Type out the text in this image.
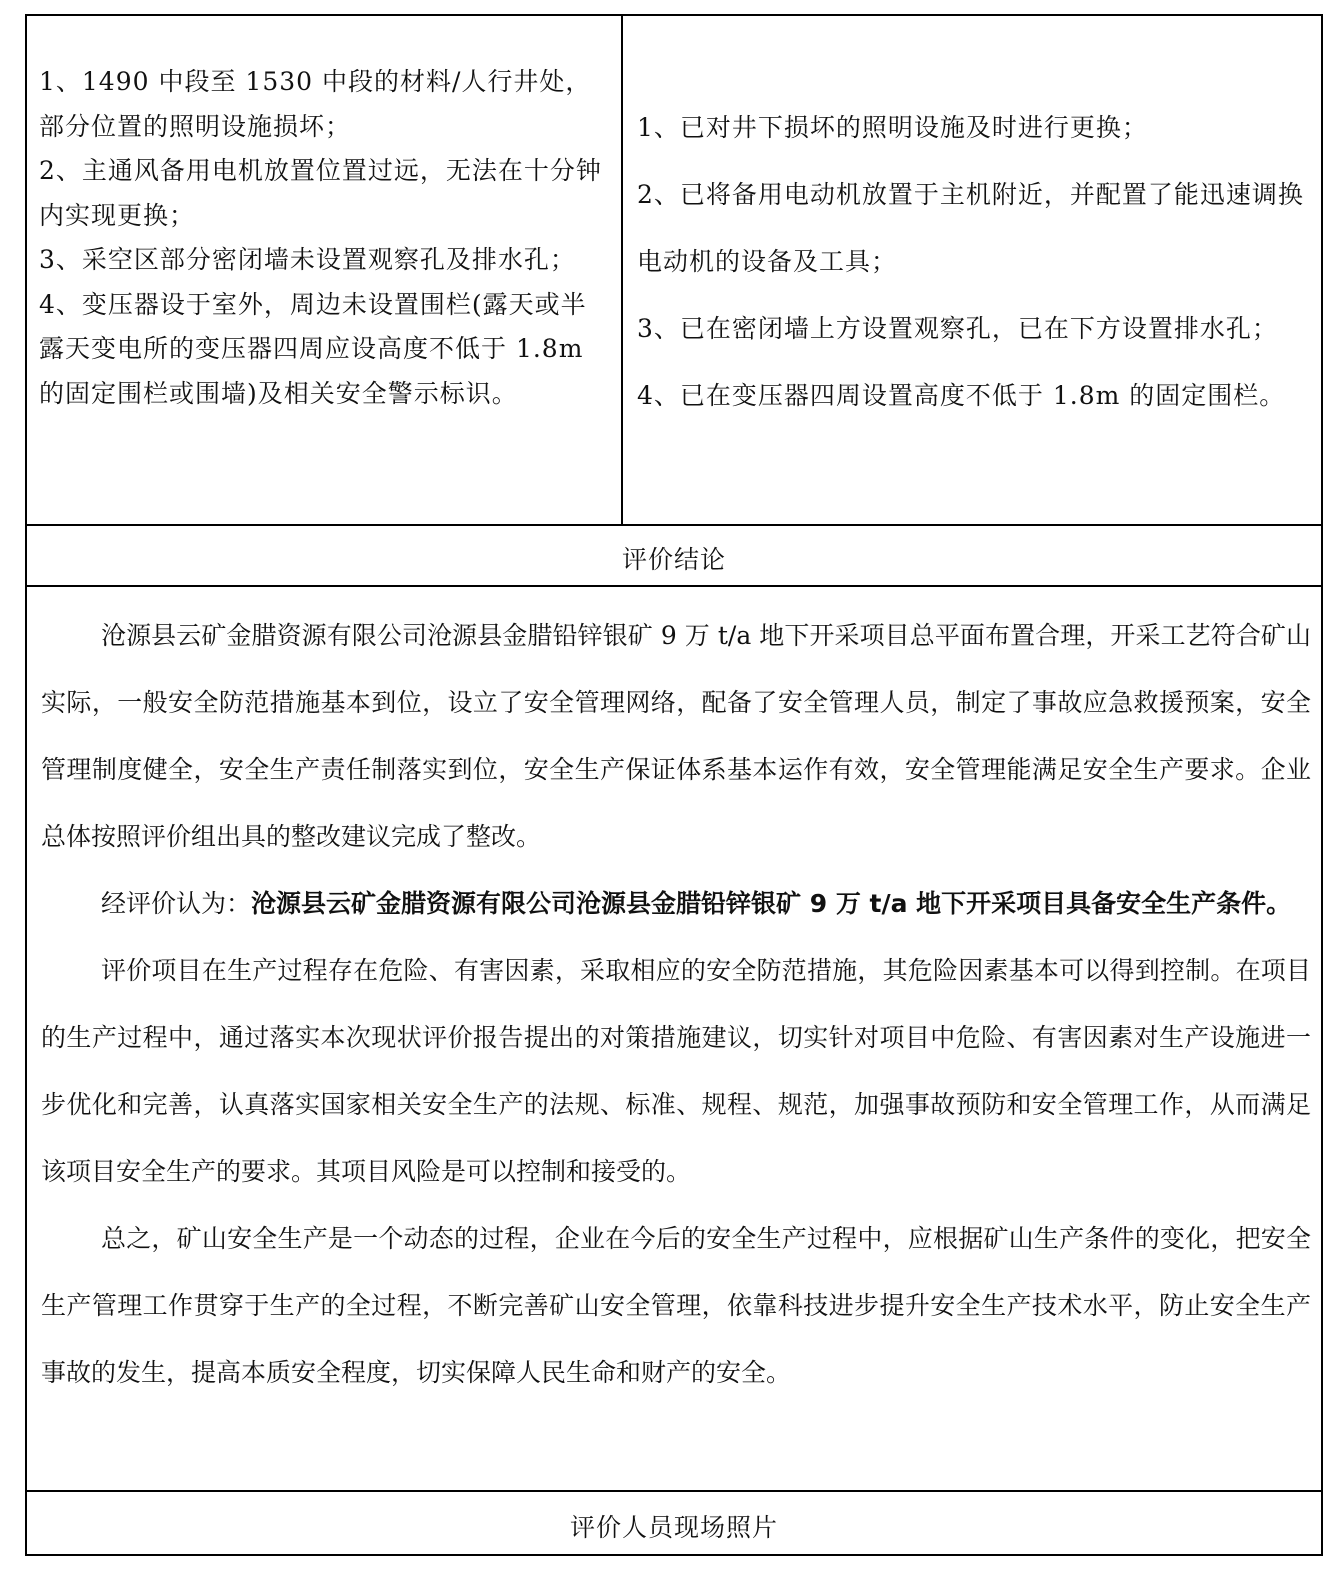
1、1490 中段至 1530 中段的材料/人行井处，部分位置的照明设施损坏；

2、主通风备用电机放置位置过远，无法在十分钟内实现更换；

3、采空区部分密闭墙未设置观察孔及排水孔；

4、变压器设于室外，周边未设置围栏(露天或半露天变电所的变压器四周应设高度不低于 1.8m 的固定围栏或围墙)及相关安全警示标识。

1、已对井下损坏的照明设施及时进行更换；

2、已将备用电动机放置于主机附近，并配置了能迅速调换电动机的设备及工具；

3、已在密闭墙上方设置观察孔，已在下方设置排水孔；

4、已在变压器四周设置高度不低于 1.8m 的固定围栏。

评价结论

沧源县云矿金腊资源有限公司沧源县金腊铅锌银矿 9 万 t/a 地下开采项目总平面布置合理，开采工艺符合矿山实际，一般安全防范措施基本到位，设立了安全管理网络，配备了安全管理人员，制定了事故应急救援预案，安全管理制度健全，安全生产责任制落实到位，安全生产保证体系基本运作有效，安全管理能满足安全生产要求。企业总体按照评价组出具的整改建议完成了整改。

经评价认为：沧源县云矿金腊资源有限公司沧源县金腊铅锌银矿 9 万 t/a 地下开采项目具备安全生产条件。

评价项目在生产过程存在危险、有害因素，采取相应的安全防范措施，其危险因素基本可以得到控制。在项目的生产过程中，通过落实本次现状评价报告提出的对策措施建议，切实针对项目中危险、有害因素对生产设施进一步优化和完善，认真落实国家相关安全生产的法规、标准、规程、规范，加强事故预防和安全管理工作，从而满足该项目安全生产的要求。其项目风险是可以控制和接受的。

总之，矿山安全生产是一个动态的过程，企业在今后的安全生产过程中，应根据矿山生产条件的变化，把安全生产管理工作贯穿于生产的全过程，不断完善矿山安全管理，依靠科技进步提升安全生产技术水平，防止安全生产事故的发生，提高本质安全程度，切实保障人民生命和财产的安全。

评价人员现场照片
